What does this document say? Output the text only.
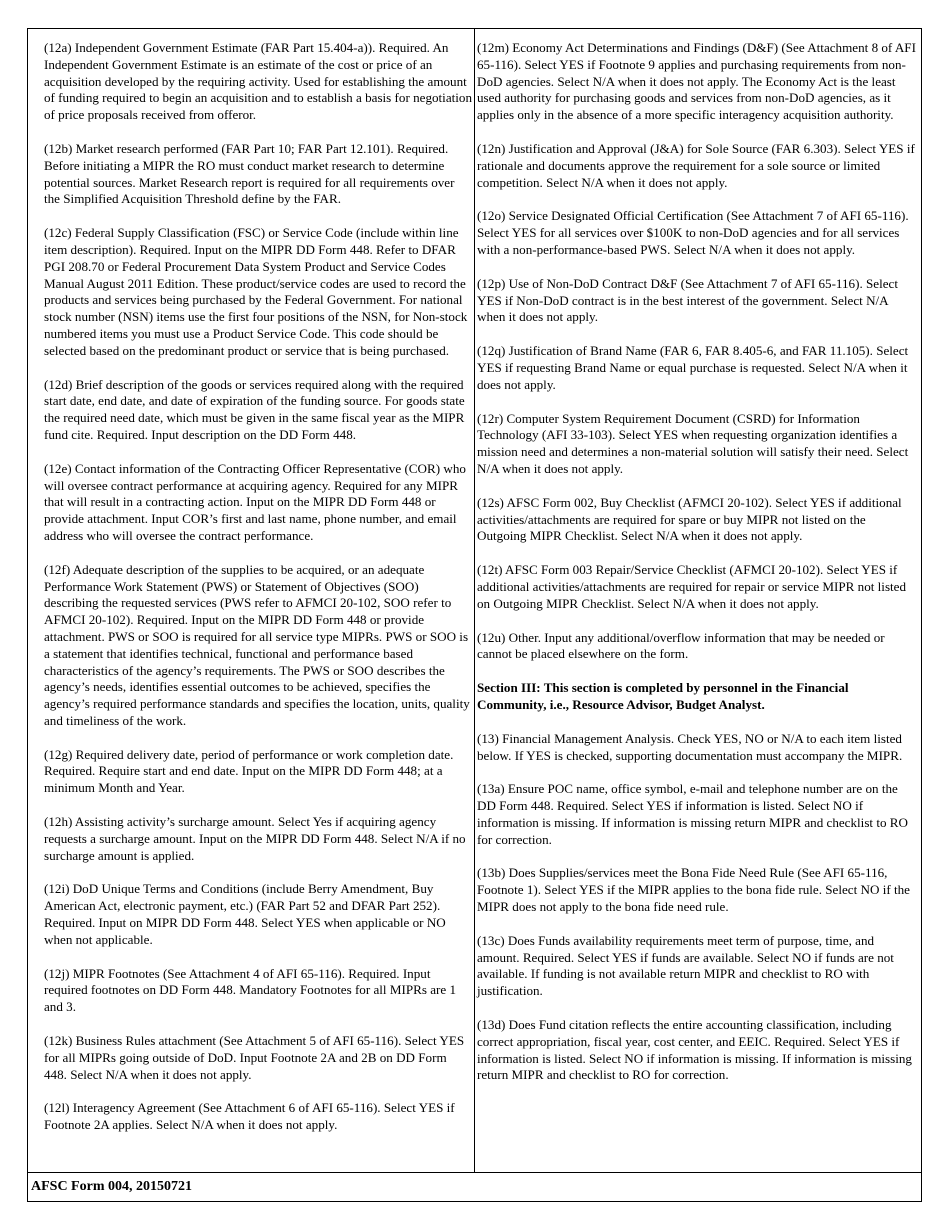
(12a) Independent Government Estimate (FAR Part 15.404-a)). Required. An Independent Government Estimate is an estimate of the cost or price of an acquisition developed by the requiring activity. Used for establishing the amount of funding required to begin an acquisition and to establish a basis for negotiation of price proposals received from offeror.

(12b) Market research performed (FAR Part 10; FAR Part 12.101). Required. Before initiating a MIPR the RO must conduct market research to determine potential sources. Market Research report is required for all requirements over the Simplified Acquisition Threshold define by the FAR.

(12c) Federal Supply Classification (FSC) or Service Code (include within line item description). Required. Input on the MIPR DD Form 448. Refer to DFAR PGI 208.70 or Federal Procurement Data System Product and Service Codes Manual August 2011 Edition. These product/service codes are used to record the products and services being purchased by the Federal Government. For national stock number (NSN) items use the first four positions of the NSN, for Non-stock numbered items you must use a Product Service Code. This code should be selected based on the predominant product or service that is being purchased.

(12d) Brief description of the goods or services required along with the required start date, end date, and date of expiration of the funding source. For goods state the required need date, which must be given in the same fiscal year as the MIPR fund cite. Required. Input description on the DD Form 448.

(12e) Contact information of the Contracting Officer Representative (COR) who will oversee contract performance at acquiring agency. Required for any MIPR that will result in a contracting action. Input on the MIPR DD Form 448 or provide attachment. Input COR’s first and last name, phone number, and email address who will oversee the contract performance.

(12f) Adequate description of the supplies to be acquired, or an adequate Performance Work Statement (PWS) or Statement of Objectives (SOO) describing the requested services (PWS refer to AFMCI 20-102, SOO refer to AFMCI 20-102). Required. Input on the MIPR DD Form 448 or provide attachment. PWS or SOO is required for all service type MIPRs. PWS or SOO is a statement that identifies technical, functional and performance based characteristics of the agency’s requirements. The PWS or SOO describes the agency’s needs, identifies essential outcomes to be achieved, specifies the agency’s required performance standards and specifies the location, units, quality and timeliness of the work.

(12g) Required delivery date, period of performance or work completion date. Required. Require start and end date. Input on the MIPR DD Form 448; at a minimum Month and Year.

(12h) Assisting activity’s surcharge amount. Select Yes if acquiring agency requests a surcharge amount. Input on the MIPR DD Form 448. Select N/A if no surcharge amount is applied.

(12i) DoD Unique Terms and Conditions (include Berry Amendment, Buy American Act, electronic payment, etc.) (FAR Part 52 and DFAR Part 252). Required. Input on MIPR DD Form 448. Select YES when applicable or NO when not applicable.

(12j) MIPR Footnotes (See Attachment 4 of AFI 65-116). Required. Input required footnotes on DD Form 448. Mandatory Footnotes for all MIPRs are 1 and 3.

(12k) Business Rules attachment (See Attachment 5 of AFI 65-116). Select YES for all MIPRs going outside of DoD. Input Footnote 2A and 2B on DD Form 448. Select N/A when it does not apply.

(12l) Interagency Agreement (See Attachment 6 of AFI 65-116). Select YES if Footnote 2A applies. Select N/A when it does not apply.

(12m) Economy Act Determinations and Findings (D&F) (See Attachment 8 of AFI 65-116). Select YES if Footnote 9 applies and purchasing requirements from non-DoD agencies. Select N/A when it does not apply. The Economy Act is the least used authority for purchasing goods and services from non-DoD agencies, as it applies only in the absence of a more specific interagency acquisition authority.

(12n) Justification and Approval (J&A) for Sole Source (FAR 6.303). Select YES if rationale and documents approve the requirement for a sole source or limited competition. Select N/A when it does not apply.

(12o) Service Designated Official Certification (See Attachment 7 of AFI 65-116). Select YES for all services over $100K to non-DoD agencies and for all services with a non-performance-based PWS. Select N/A when it does not apply.

(12p) Use of Non-DoD Contract D&F (See Attachment 7 of AFI 65-116). Select YES if Non-DoD contract is in the best interest of the government. Select N/A when it does not apply.

(12q) Justification of Brand Name (FAR 6, FAR 8.405-6, and FAR 11.105). Select YES if requesting Brand Name or equal purchase is requested. Select N/A when it does not apply.

(12r) Computer System Requirement Document (CSRD) for Information Technology (AFI 33-103). Select YES when requesting organization identifies a mission need and determines a non-material solution will satisfy their need. Select N/A when it does not apply.

(12s) AFSC Form 002, Buy Checklist (AFMCI 20-102). Select YES if additional activities/attachments are required for spare or buy MIPR not listed on the Outgoing MIPR Checklist. Select N/A when it does not apply.

(12t) AFSC Form 003 Repair/Service Checklist (AFMCI 20-102). Select YES if additional activities/attachments are required for repair or service MIPR not listed on Outgoing MIPR Checklist. Select N/A when it does not apply.

(12u) Other. Input any additional/overflow information that may be needed or cannot be placed elsewhere on the form.

Section III: This section is completed by personnel in the Financial Community, i.e., Resource Advisor, Budget Analyst.

(13) Financial Management Analysis. Check YES, NO or N/A to each item listed below. If YES is checked, supporting documentation must accompany the MIPR.

(13a) Ensure POC name, office symbol, e-mail and telephone number are on the DD Form 448. Required. Select YES if information is listed. Select NO if information is missing. If information is missing return MIPR and checklist to RO for correction.

(13b) Does Supplies/services meet the Bona Fide Need Rule (See AFI 65-116, Footnote 1). Select YES if the MIPR applies to the bona fide rule. Select NO if the MIPR does not apply to the bona fide need rule.

(13c) Does Funds availability requirements meet term of purpose, time, and amount. Required. Select YES if funds are available. Select NO if funds are not available. If funding is not available return MIPR and checklist to RO with justification.

(13d) Does Fund citation reflects the entire accounting classification, including correct appropriation, fiscal year, cost center, and EEIC. Required. Select YES if information is listed. Select NO if information is missing. If information is missing return MIPR and checklist to RO for correction.

AFSC Form 004, 20150721
